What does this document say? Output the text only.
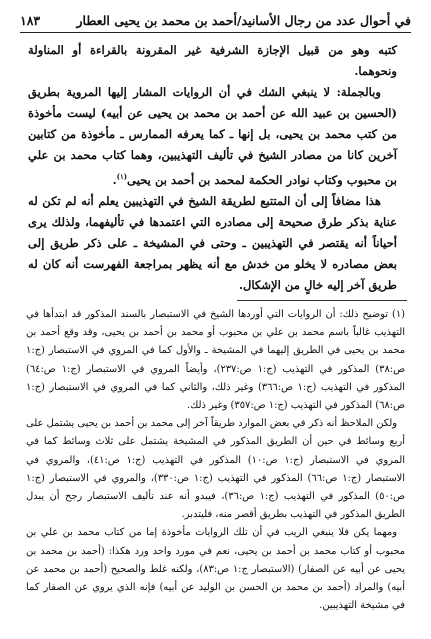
في أحوال عدد من رجال الأسانيد/أحمد بن محمد بن يحيى العطار
١٨٣

كتبه وهو من قبيل الإجازة الشرفية غير المقرونة بالقراءة أو المناولة ونحوهما.

وبالجملة: لا ينبغي الشك في أن الروايات المشار إليها المروية بطريق (الحسين بن عبيد الله عن أحمد بن محمد بن يحيى عن أبيه) ليست مأخوذة من كتب محمد بن يحيى، بل إنها ـ كما يعرفه الممارس ـ مأخوذة من كتابين آخرين كانا من مصادر الشيخ في تأليف التهذيبين، وهما كتاب محمد بن علي بن محبوب وكتاب نوادر الحكمة لمحمد بن أحمد بن يحيى$^{(١)}$.

هذا مضافاً إلى أن المتتبع لطريقة الشيخ في التهذيبين يعلم أنه لم تكن له عناية بذكر طرق صحيحة إلى مصادره التي اعتمدها في تأليفهما، ولذلك يرى أحياناً أنه يقتصر في التهذيبين ـ وحتى في المشيخة ـ على ذكر طريق إلى بعض مصادره لا يخلو من خدش مع أنه يظهر بمراجعة الفهرست أنه كان له طريق آخر إليه خالٍ من الإشكال.

(١) توضيح ذلك: أن الروايات التي أوردها الشيخ في الاستبصار بالسند المذكور قد ابتدأها في التهذيب غالباً باسم محمد بن علي بن محبوب أو محمد بن أحمد بن يحيى، وقد وقع أحمد بن محمد بن يحيى في الطريق إليهما في المشيخة ـ والأول كما في المروي في الاستبصار (ج:١ ص:٣٨) المذكور في التهذيب (ج:١ ص:٢٣٧)، وأيضاً المروي في الاستبصار (ج:١ ص:٦٤) المذكور في التهذيب (ج:١ ص:٣٦٦) وغير ذلك، والثاني كما في المروي في الاستبصار (ج:١ ص:٦٨) المذكور في التهذيب (ج:١ ص:٣٥٧) وغير ذلك.

ولكن الملاحظ أنه ذكر في بعض الموارد طريقاً آخر إلى محمد بن أحمد بن يحيى يشتمل على أربع وسائط في حين أن الطريق المذكور في المشيخة يشتمل على ثلاث وسائط كما في المروي في الاستبصار (ج:١ ص:١٠) المذكور في التهذيب (ج:١ ص:٤١)، والمروي في الاستبصار (ج:١ ص:٦٦) المذكور في التهذيب (ج:١ ص:٣٣٠)، والمروي في الاستبصار (ج:١ ص:٥٠) المذكور في التهذيب (ج:١ ص:٣٦)، فيبدو أنه عند تأليف الاستبصار رجح أن يبدل الطريق المذكور في التهذيب بطريق أقصر منه، فليتدبر.

ومهما يكن فلا ينبغي الريب في أن تلك الروايات مأخوذة إما من كتاب محمد بن علي بن محبوب أو كتاب محمد بن أحمد بن يحيى، نعم في مورد واحد ورد هكذا: (أحمد بن محمد بن يحيى عن أبيه عن الصفار) (الاستبصار ج:١ ص:٨٣)، ولكنه غلط والصحيح (أحمد بن محمد عن أبيه) والمراد (أحمد بن محمد بن الحسن بن الوليد عن أبيه) فإنه الذي يروي عن الصفار كما في مشيخة التهذيبين.
